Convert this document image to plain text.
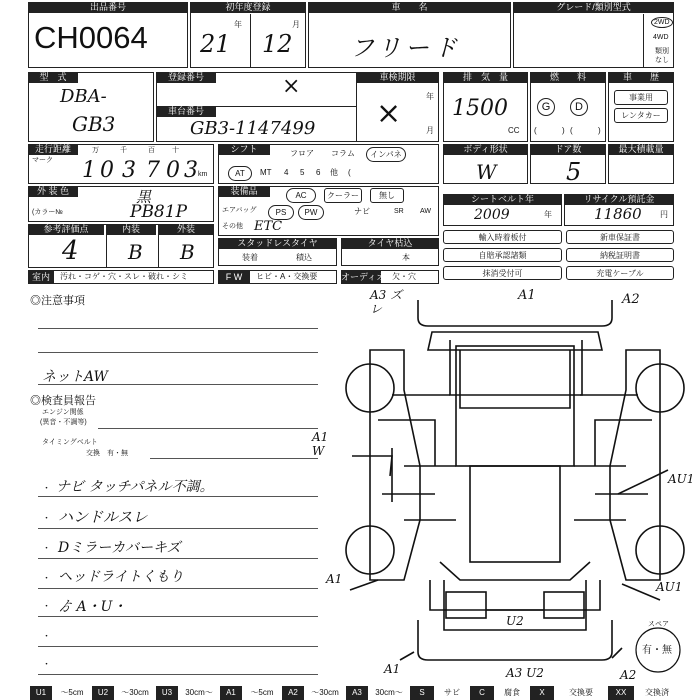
出品番号
CH0064
初年度登録
年	月
21 12
車　　名
フリード
グレード/類別型式
2WD
4WD
類別なし
型　式
DBA-
GB3
登録番号	×
車台番号
GB3-1147499
車検期限
年
月
×
排　気　量
1500
CC
燃　　料
G	D
(	) (	)
車　　歴
事業用
レンタカー
走行距離
マーク
万	千	百 十
km
1 0 3 7 0 3
シフト	フロア	コラム	インパネ
AT	MT 4 5 6 他 (
ボディ形状
W
ドア数
5
最大積載量
外 装 色	黒
(カラー№	PB81P
装備品	AC	クーラー	無し
エアバッグ	PS	PW	ナビ	SR AW
その他 ETC
シートベルト年
2009	年
リサイクル預託金
11860 円
参考評価点
4
内装
B
外装
B	スタッドレスタイヤ
装着	積込
タイヤ枯込
本
輸入時着板付	新車保証書
自賠承認諸類	納税証明書
抹消受付可	充電ケーブル
室内	汚れ・コゲ・穴・スレ・破れ・シミ	F W	ヒビ・A・交換要	オーディオ 欠・穴
◎注意事項
ネットAW
◎検査員報告
エンジン関係
(異音・不調等)
タイミングベルト
交換　有・無
・ ナビ タッチパネル不調。
・ ハンドルスレ
・ Dミラーカバーキズ
・ ヘッドライトくもり
・ ゟ A・U・
・
・
A3 ズレ
A1	A2
A1 W
AU1
A1
AU1
U2
A1	A3 U2	A2
スペア
有・無
U1	〜5cm	U2	〜30cm	U3	30cm〜	A1	〜5cm	A2	〜30cm	A3	30cm〜	S	サビ	C	腐食	X	交換要	XX	交換済
